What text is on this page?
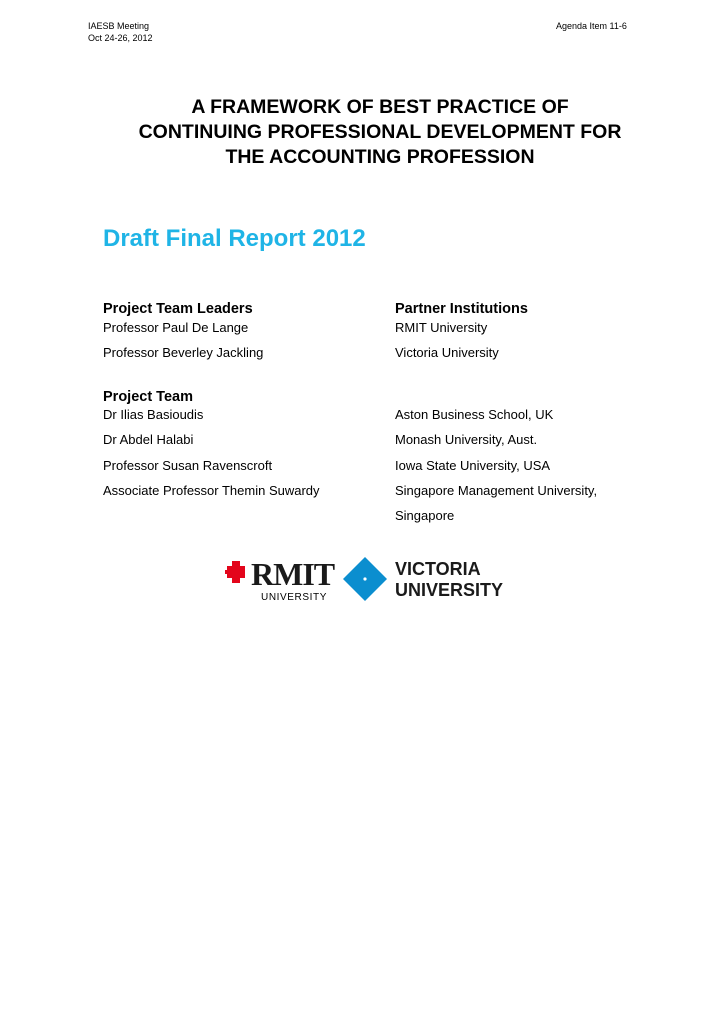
IAESB Meeting
Oct 24-26, 2012
Agenda Item 11-6
A FRAMEWORK OF BEST PRACTICE OF
CONTINUING PROFESSIONAL DEVELOPMENT FOR
THE ACCOUNTING PROFESSION
Draft Final Report 2012
Project Team Leaders	Partner Institutions
Professor Paul De Lange	RMIT University
Professor Beverley Jackling	Victoria University
Project Team
Dr Ilias Basioudis	Aston Business School, UK
Dr Abdel Halabi	Monash University, Aust.
Professor Susan Ravenscroft	Iowa State University, USA
Associate Professor Themin Suwardy	Singapore Management University,
Singapore
RMIT
UNIVERSITY
VICTORIA
UNIVERSITY
